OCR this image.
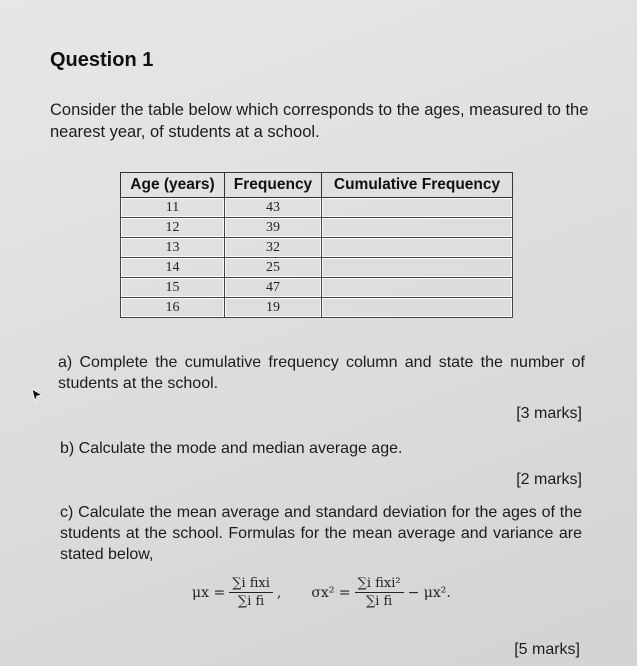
Question 1
Consider the table below which corresponds to the ages, measured to the nearest year, of students at a school.
Age (years)	Frequency	Cumulative Frequency
11	43	
12	39	
13	32	
14	25	
15	47	
16	19	
a) Complete the cumulative frequency column and state the number of students at the school.
[3 marks]
b) Calculate the mode and median average age.
[2 marks]
c) Calculate the mean average and standard deviation for the ages of the students at the school. Formulas for the mean average and variance are stated below,
$\mu x = \frac{\text{∑i fixi}}{\text{∑i fi}}$ , $\sigma x^2 = \frac{\text{∑i fixi²}}{\text{∑i fi}} - \mu x^2$.
[5 marks]
